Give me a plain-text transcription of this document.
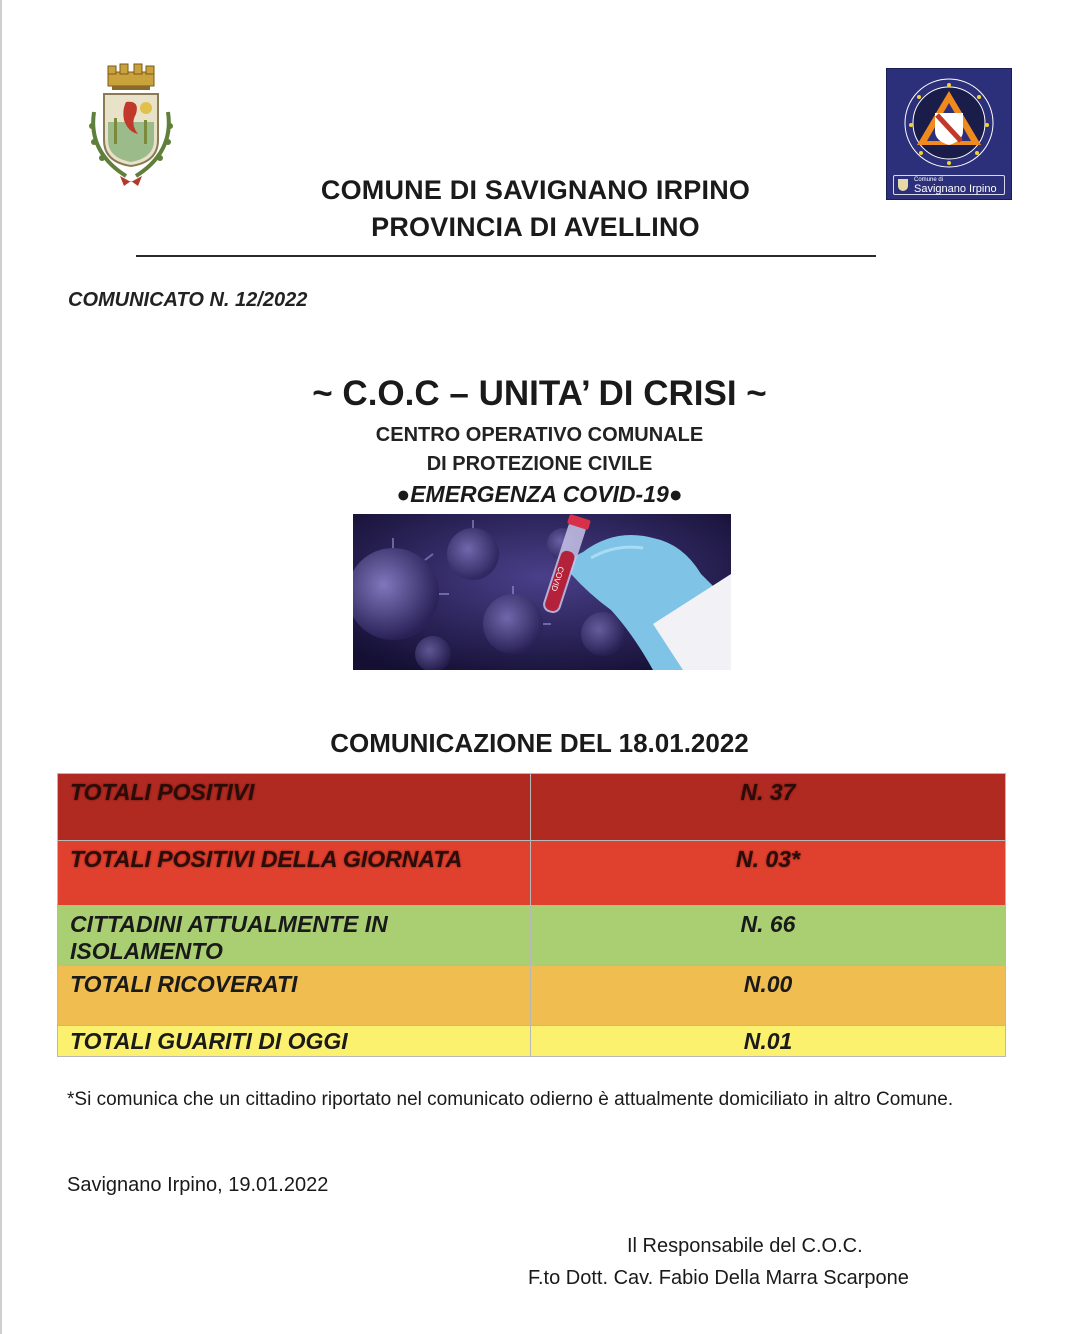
Comune di
Savignano Irpino
COMUNE DI SAVIGNANO IRPINO
PROVINCIA DI AVELLINO
COMUNICATO N. 12/2022
~ C.O.C – UNITA’ DI CRISI ~
CENTRO OPERATIVO COMUNALE
DI PROTEZIONE CIVILE
●EMERGENZA COVID-19●
COVID
COMUNICAZIONE DEL 18.01.2022
TOTALI POSITIVI	N. 37
TOTALI POSITIVI DELLA GIORNATA	N. 03*
CITTADINI ATTUALMENTE IN ISOLAMENTO	N. 66
TOTALI RICOVERATI	N.00
TOTALI GUARITI DI OGGI	N.01
*Si comunica che un cittadino riportato nel comunicato odierno è attualmente domiciliato in altro Comune.
Savignano Irpino, 19.01.2022
Il Responsabile del C.O.C.
F.to Dott. Cav. Fabio Della Marra Scarpone
